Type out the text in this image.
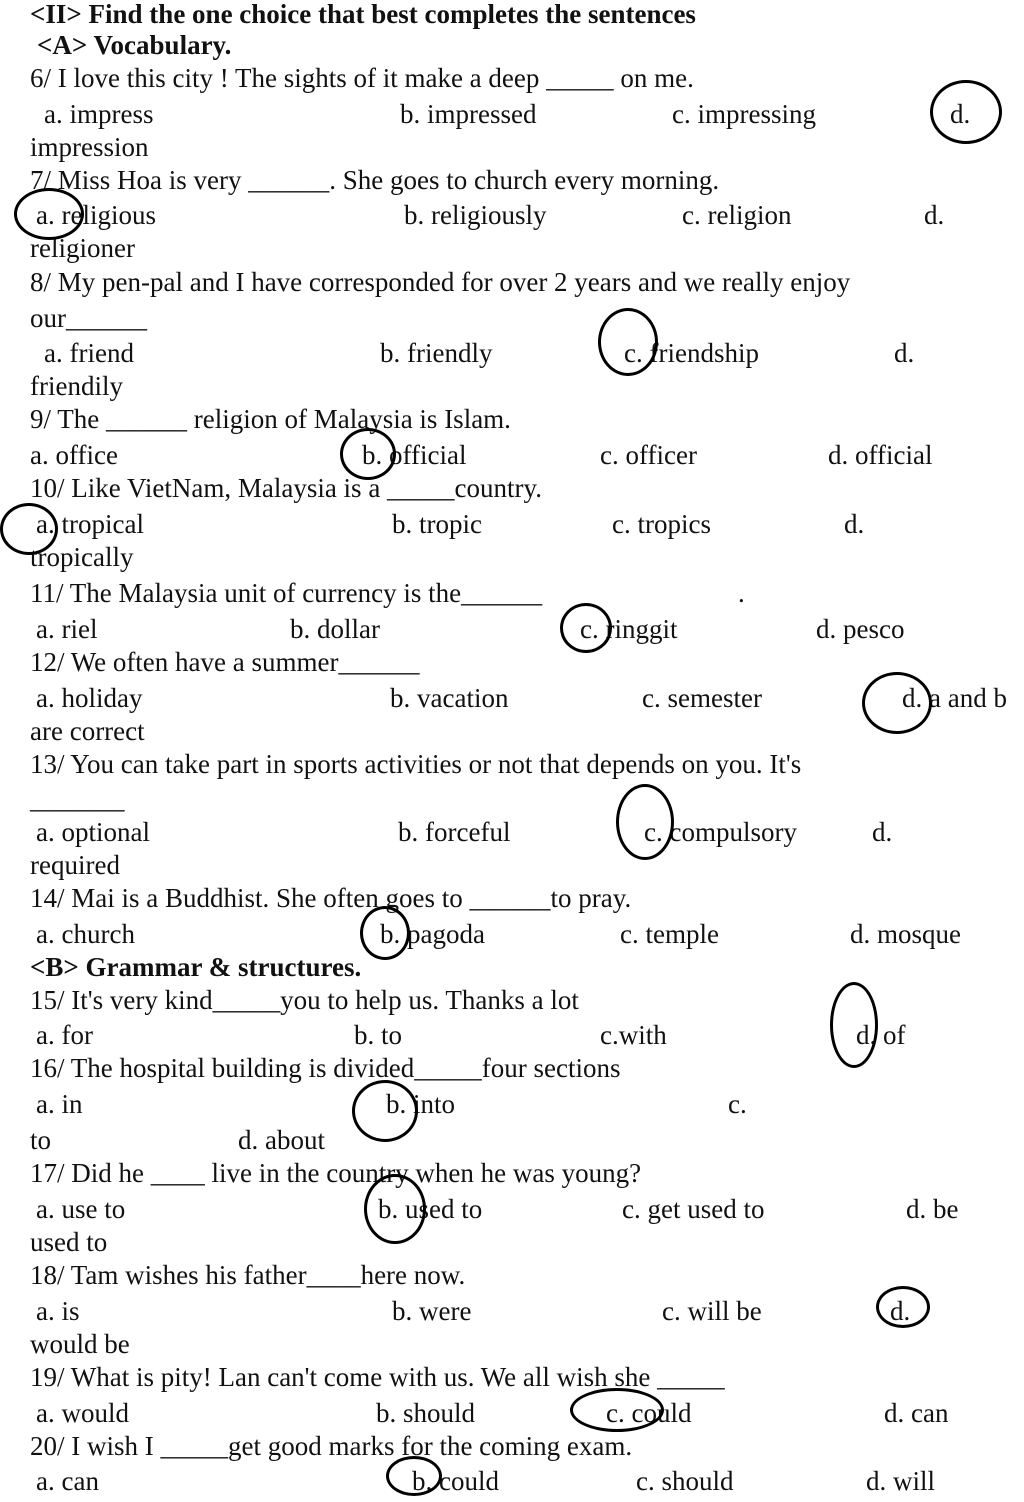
<II> Find the one choice that best completes the sentences
<A> Vocabulary.
6/ I love this city ! The sights of it make a deep _____ on me.
a. impress	b. impressed	c. impressing	d.
impression
7/ Miss Hoa is very ______. She goes to church every morning.
a. religious	b. religiously	c. religion	d.
religioner
8/ My pen-pal and I have corresponded for over 2 years and we really enjoy
our______
a. friend	b. friendly	c. friendship	d.
friendily
9/ The ______ religion of Malaysia is Islam.
a. office	b. official	c. officer	d. official
10/ Like VietNam, Malaysia is a _____country.
a. tropical	b. tropic	c. tropics	d.
tropically
11/ The Malaysia unit of currency is the______	.
a. riel	b. dollar	c. ringgit	d. pesco
12/ We often have a summer______
a. holiday	b. vacation	c. semester	d. a and b
are correct
13/ You can take part in sports activities or not that depends on you. It's
_______
a. optional	b. forceful	c. compulsory	d.
required
14/ Mai is a Buddhist. She often goes to ______to pray.
a. church	b. pagoda	c. temple	d. mosque
<B> Grammar & structures.
15/ It's very kind_____you to help us. Thanks a lot
a. for	b. to	c.with	d. of
16/ The hospital building is divided_____four sections
a. in	b. into	c.
to	d. about
17/ Did he ____ live in the country when he was young?
a. use to	b. used to	c. get used to	d. be
used to
18/ Tam wishes his father____here now.
a. is	b. were	c. will be	d.
would be
19/ What is pity! Lan can't come with us. We all wish she _____
a. would	b. should	c. could	d. can
20/ I wish I _____get good marks for the coming exam.
a. can	b. could	c. should	d. will
